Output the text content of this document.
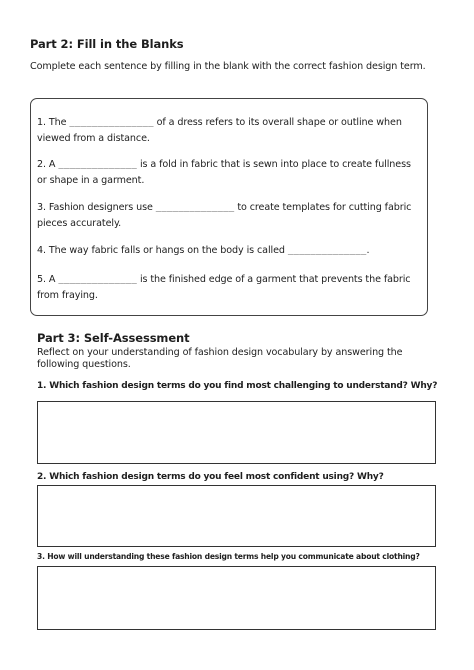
Part 2: Fill in the Blanks
Complete each sentence by filling in the blank with the correct fashion design term.
1. The _______________ of a dress refers to its overall shape or outline when viewed from a distance.
2. A ______________ is a fold in fabric that is sewn into place to create fullness or shape in a garment.
3. Fashion designers use ______________ to create templates for cutting fabric pieces accurately.
4. The way fabric falls or hangs on the body is called ______________.
5. A ______________ is the finished edge of a garment that prevents the fabric from fraying.
Part 3: Self-Assessment
Reflect on your understanding of fashion design vocabulary by answering the following questions.
1. Which fashion design terms do you find most challenging to understand? Why?
2. Which fashion design terms do you feel most confident using? Why?
3. How will understanding these fashion design terms help you communicate about clothing?
